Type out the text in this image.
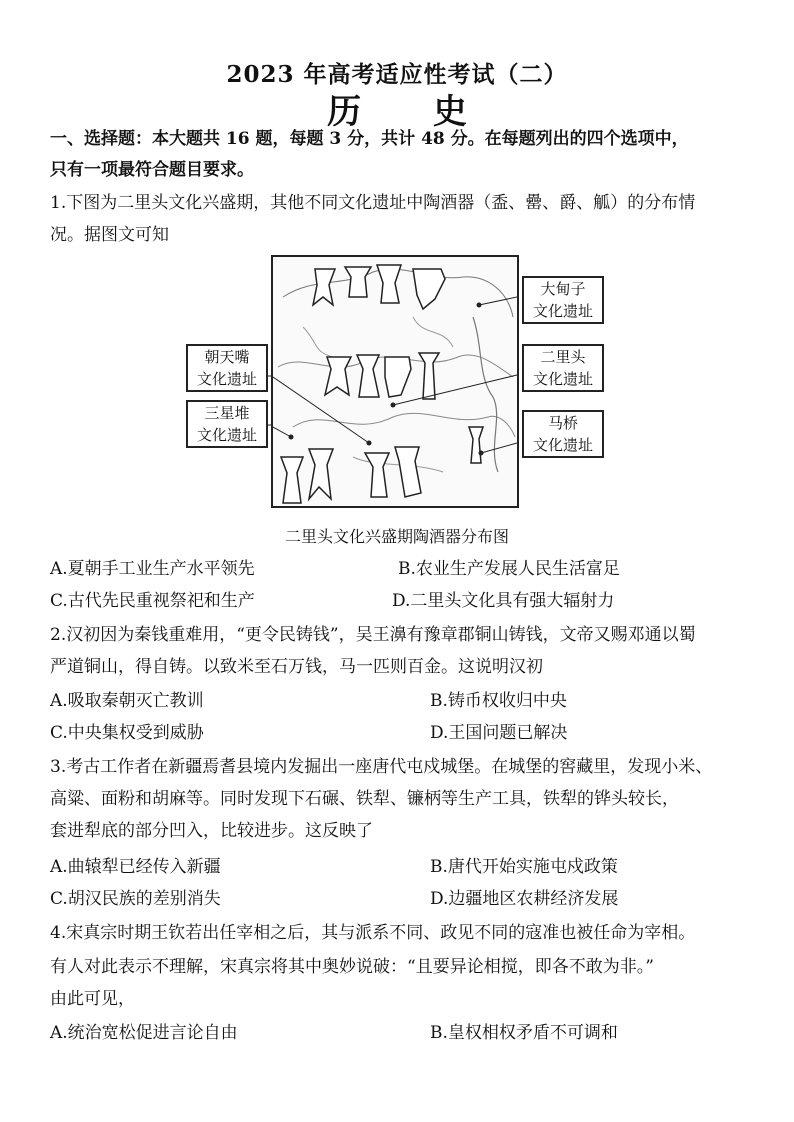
2023 年高考适应性考试（二）
历 史
一、选择题：本大题共 16 题，每题 3 分，共计 48 分。在每题列出的四个选项中，
只有一项最符合题目要求。
1.下图为二里头文化兴盛期，其他不同文化遗址中陶酒器（盉、罍、爵、觚）的分布情
况。据图文可知
大甸子
文化遗址
朝天嘴
文化遗址
二里头
文化遗址
三星堆
文化遗址
马桥
文化遗址
二里头文化兴盛期陶酒器分布图
A.夏朝手工业生产水平领先	B.农业生产发展人民生活富足
C.古代先民重视祭祀和生产	D.二里头文化具有强大辐射力
2.汉初因为秦钱重难用，“更令民铸钱”，吴王濞有豫章郡铜山铸钱，文帝又赐邓通以蜀
严道铜山，得自铸。以致米至石万钱，马一匹则百金。这说明汉初
A.吸取秦朝灭亡教训	B.铸币权收归中央
C.中央集权受到威胁	D.王国问题已解决
3.考古工作者在新疆焉耆县境内发掘出一座唐代屯戍城堡。在城堡的窖藏里，发现小米、
高粱、面粉和胡麻等。同时发现下石碾、铁犁、镰柄等生产工具，铁犁的铧头较长，
套进犁底的部分凹入，比较进步。这反映了
A.曲辕犁已经传入新疆	B.唐代开始实施屯戍政策
C.胡汉民族的差别消失	D.边疆地区农耕经济发展
4.宋真宗时期王钦若出任宰相之后，其与派系不同、政见不同的寇准也被任命为宰相。
有人对此表示不理解，宋真宗将其中奥妙说破：“且要异论相搅，即各不敢为非。”
由此可见，
A.统治宽松促进言论自由	B.皇权相权矛盾不可调和
